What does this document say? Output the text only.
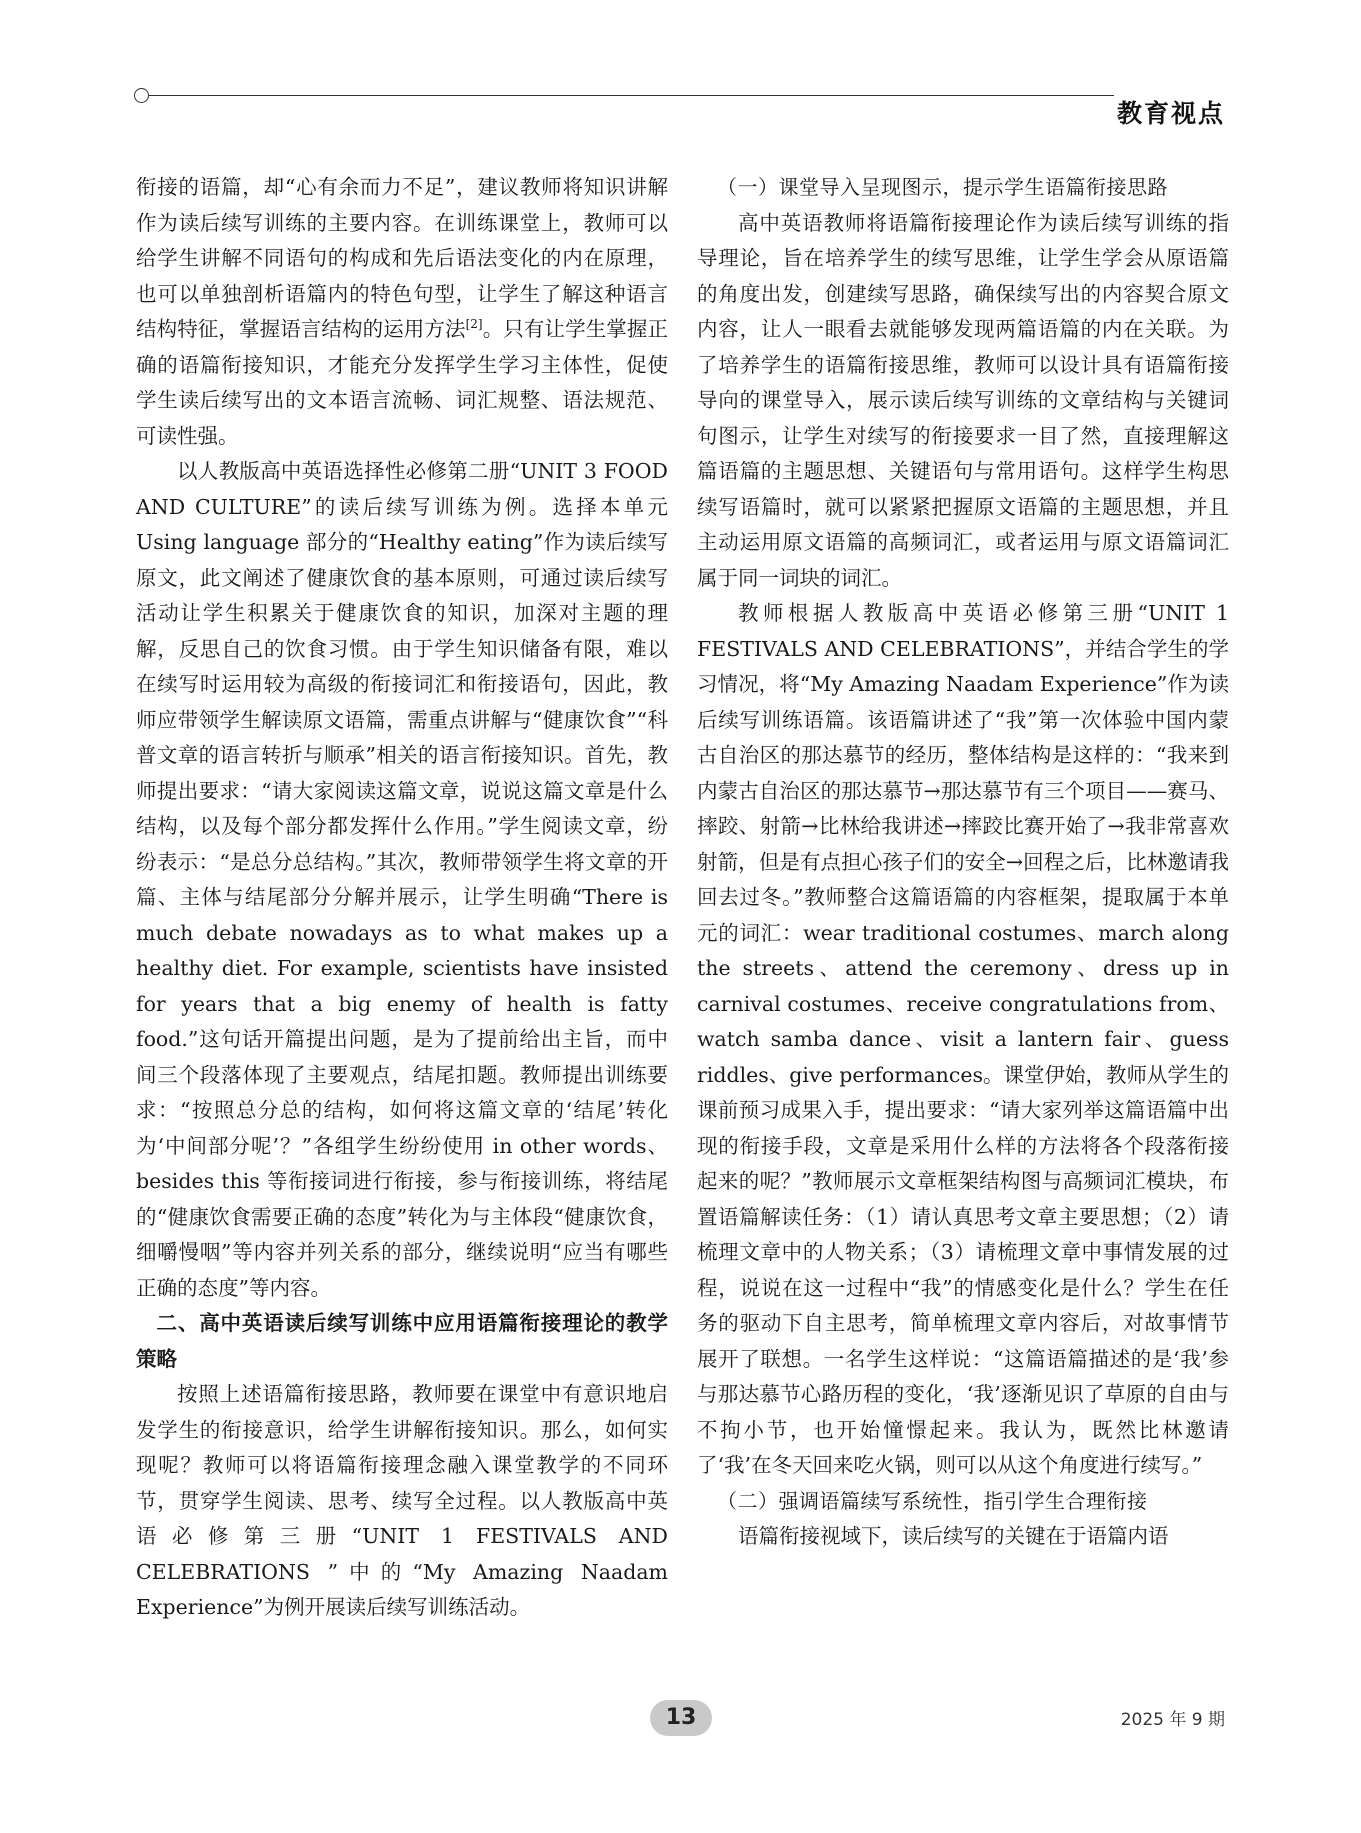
教育视点

衔接的语篇，却“心有余而力不足”，建议教师将知识讲解作为读后续写训练的主要内容。在训练课堂上，教师可以给学生讲解不同语句的构成和先后语法变化的内在原理，也可以单独剖析语篇内的特色句型，让学生了解这种语言结构特征，掌握语言结构的运用方法[2]。只有让学生掌握正确的语篇衔接知识，才能充分发挥学生学习主体性，促使学生读后续写出的文本语言流畅、词汇规整、语法规范、可读性强。

以人教版高中英语选择性必修第二册“UNIT 3 FOOD AND CULTURE”的读后续写训练为例。选择本单元 Using language 部分的“Healthy eating”作为读后续写原文，此文阐述了健康饮食的基本原则，可通过读后续写活动让学生积累关于健康饮食的知识，加深对主题的理解，反思自己的饮食习惯。由于学生知识储备有限，难以在续写时运用较为高级的衔接词汇和衔接语句，因此，教师应带领学生解读原文语篇，需重点讲解与“健康饮食”“科普文章的语言转折与顺承”相关的语言衔接知识。首先，教师提出要求：“请大家阅读这篇文章，说说这篇文章是什么结构，以及每个部分都发挥什么作用。”学生阅读文章，纷纷表示：“是总分总结构。”其次，教师带领学生将文章的开篇、主体与结尾部分分解并展示，让学生明确“There is much debate nowadays as to what makes up a healthy diet. For example, scientists have insisted for years that a big enemy of health is fatty food.”这句话开篇提出问题，是为了提前给出主旨，而中间三个段落体现了主要观点，结尾扣题。教师提出训练要求：“按照总分总的结构，如何将这篇文章的‘结尾’转化为‘中间部分呢’？”各组学生纷纷使用 in other words、besides this 等衔接词进行衔接，参与衔接训练，将结尾的“健康饮食需要正确的态度”转化为与主体段“健康饮食，细嚼慢咽”等内容并列关系的部分，继续说明“应当有哪些正确的态度”等内容。

二、高中英语读后续写训练中应用语篇衔接理论的教学策略

按照上述语篇衔接思路，教师要在课堂中有意识地启发学生的衔接意识，给学生讲解衔接知识。那么，如何实现呢？教师可以将语篇衔接理念融入课堂教学的不同环节，贯穿学生阅读、思考、续写全过程。以人教版高中英语必修第三册“UNIT 1 FESTIVALS AND CELEBRATIONS ”中的“My Amazing Naadam Experience”为例开展读后续写训练活动。

（一）课堂导入呈现图示，提示学生语篇衔接思路

高中英语教师将语篇衔接理论作为读后续写训练的指导理论，旨在培养学生的续写思维，让学生学会从原语篇的角度出发，创建续写思路，确保续写出的内容契合原文内容，让人一眼看去就能够发现两篇语篇的内在关联。为了培养学生的语篇衔接思维，教师可以设计具有语篇衔接导向的课堂导入，展示读后续写训练的文章结构与关键词句图示，让学生对续写的衔接要求一目了然，直接理解这篇语篇的主题思想、关键语句与常用语句。这样学生构思续写语篇时，就可以紧紧把握原文语篇的主题思想，并且主动运用原文语篇的高频词汇，或者运用与原文语篇词汇属于同一词块的词汇。

教师根据人教版高中英语必修第三册“UNIT 1 FESTIVALS AND CELEBRATIONS”，并结合学生的学习情况，将“My Amazing Naadam Experience”作为读后续写训练语篇。该语篇讲述了“我”第一次体验中国内蒙古自治区的那达慕节的经历，整体结构是这样的：“我来到内蒙古自治区的那达慕节→那达慕节有三个项目——赛马、摔跤、射箭→比林给我讲述→摔跤比赛开始了→我非常喜欢射箭，但是有点担心孩子们的安全→回程之后，比林邀请我回去过冬。”教师整合这篇语篇的内容框架，提取属于本单元的词汇：wear traditional costumes、march along the streets、attend the ceremony、dress up in carnival costumes、receive congratulations from、watch samba dance、visit a lantern fair、guess riddles、give performances。课堂伊始，教师从学生的课前预习成果入手，提出要求：“请大家列举这篇语篇中出现的衔接手段，文章是采用什么样的方法将各个段落衔接起来的呢？”教师展示文章框架结构图与高频词汇模块，布置语篇解读任务：（1）请认真思考文章主要思想；（2）请梳理文章中的人物关系；（3）请梳理文章中事情发展的过程，说说在这一过程中“我”的情感变化是什么？学生在任务的驱动下自主思考，简单梳理文章内容后，对故事情节展开了联想。一名学生这样说：“这篇语篇描述的是‘我’参与那达慕节心路历程的变化，‘我’逐渐见识了草原的自由与不拘小节，也开始憧憬起来。我认为，既然比林邀请了‘我’在冬天回来吃火锅，则可以从这个角度进行续写。”

（二）强调语篇续写系统性，指引学生合理衔接

语篇衔接视域下，读后续写的关键在于语篇内语

13	2025 年 9 期
